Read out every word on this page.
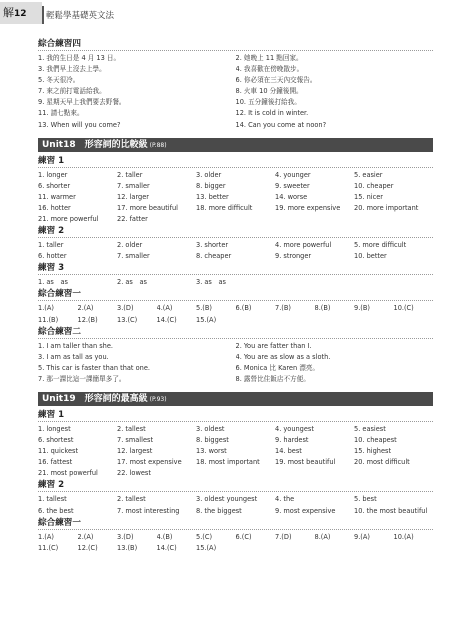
解12	輕鬆學基礎英文法
綜合練習四
1. 我的生日是 4 月 13 日。	2. 她晚上 11 點回家。
3. 我們早上沒去上學。	4. 我喜歡在傍晚散步。
5. 冬天很冷。	6. 你必須在三天內交報告。
7. 來之前打電話給我。	8. 火車 10 分鐘後開。
9. 星期天早上我們要去野餐。	10. 五分鐘後打給我。
11. 請七點來。	12. It is cold in winter.
13. When will you come?	14. Can you come at noon?
Unit18　形容詞的比較級 (P.88)
練習 1
1. longer	2. taller	3. older	4. younger	5. easier
6. shorter	7. smaller	8. bigger	9. sweeter	10. cheaper
11. warmer	12. larger	13. better	14. worse	15. nicer
16. hotter	17. more beautiful	18. more difficult	19. more expensive	20. more important
21. more powerful	22. fatter
練習 2
1. taller	2. older	3. shorter	4. more powerful	5. more difficult
6. hotter	7. smaller	8. cheaper	9. stronger	10. better
練習 3
1. as　as	2. as　as	3. as　as
綜合練習一
1.(A)	2.(A)	3.(D)	4.(A)	5.(B)	6.(B)	7.(B)	8.(B)	9.(B)	10.(C)
11.(B)	12.(B)	13.(C)	14.(C)	15.(A)
綜合練習二
1. I am taller than she.	2. You are fatter than I.
3. I am as tall as you.	4. You are as slow as a sloth.
5. This car is faster than that one.	6. Monica 比 Karen 漂亮。
7. 那一課比這一課簡單多了。	8. 露營比住飯店不方便。
Unit19　形容詞的最高級 (P.93)
練習 1
1. longest	2. tallest	3. oldest	4. youngest	5. easiest
6. shortest	7. smallest	8. biggest	9. hardest	10. cheapest
11. quickest	12. largest	13. worst	14. best	15. highest
16. fattest	17. most expensive	18. most important	19. most beautiful	20. most difficult
21. most powerful	22. lowest
練習 2
1. tallest	2. tallest	3. oldest youngest	4. the	5. best
6. the best	7. most interesting	8. the biggest	9. most expensive	10. the most beautiful
綜合練習一
1.(A)	2.(A)	3.(D)	4.(B)	5.(C)	6.(C)	7.(D)	8.(A)	9.(A)	10.(A)
11.(C)	12.(C)	13.(B)	14.(C)	15.(A)
